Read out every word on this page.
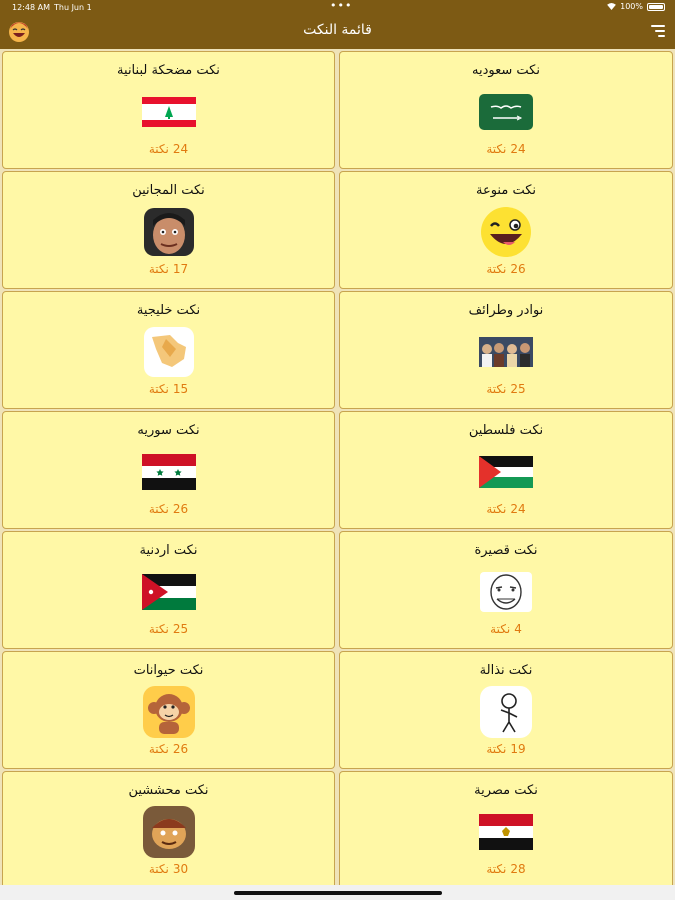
12:48 AM Thu Jun 1	•••	100%
قائمة النكت
نكت مضحكة لبنانية
24نكتة
نكت سعوديه
24نكتة
نكت المجانين
17نكتة
نكت منوعة
26نكتة
نكت خليجية
15نكتة
نوادر وطرائف
25نكتة
نكت سوريه
26نكتة
نكت فلسطين
24نكتة
نكت اردنية
25نكتة
نكت قصيرة
4نكتة
نكت حيوانات
26نكتة
نكت نذالة
19نكتة
نكت محششين
30نكتة
نكت مصرية
28نكتة
